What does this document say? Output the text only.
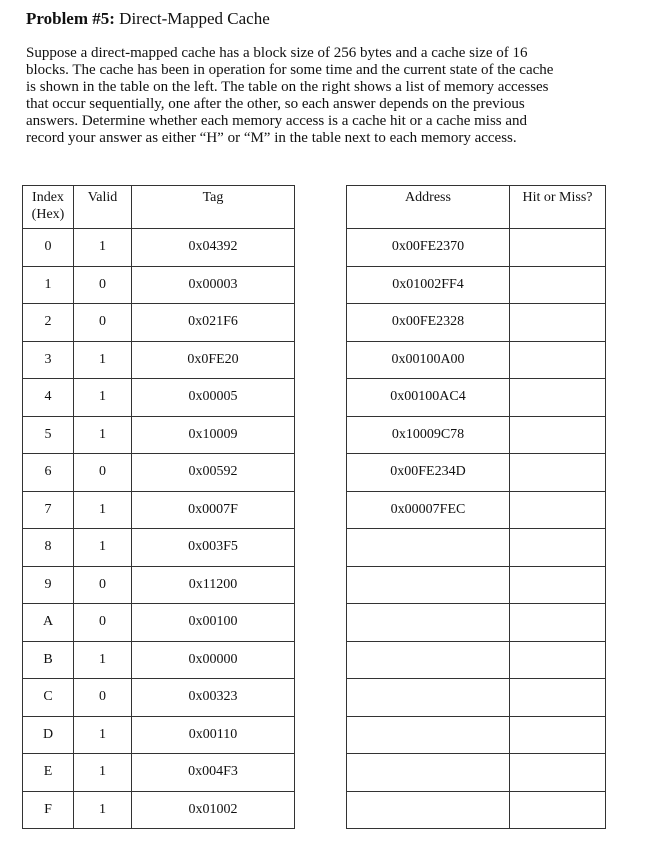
Problem #5: Direct-Mapped Cache
Suppose a direct-mapped cache has a block size of 256 bytes and a cache size of 16
blocks. The cache has been in operation for some time and the current state of the cache
is shown in the table on the left. The table on the right shows a list of memory accesses
that occur sequentially, one after the other, so each answer depends on the previous
answers. Determine whether each memory access is a cache hit or a cache miss and
record your answer as either “H” or “M” in the table next to each memory access.
Index
(Hex)	Valid	Tag
0	1	0x04392
1	0	0x00003
2	0	0x021F6
3	1	0x0FE20
4	1	0x00005
5	1	0x10009
6	0	0x00592
7	1	0x0007F
8	1	0x003F5
9	0	0x11200
A	0	0x00100
B	1	0x00000
C	0	0x00323
D	1	0x00110
E	1	0x004F3
F	1	0x01002
Address	Hit or Miss?
0x00FE2370	
0x01002FF4	
0x00FE2328	
0x00100A00	
0x00100AC4	
0x10009C78	
0x00FE234D	
0x00007FEC	
